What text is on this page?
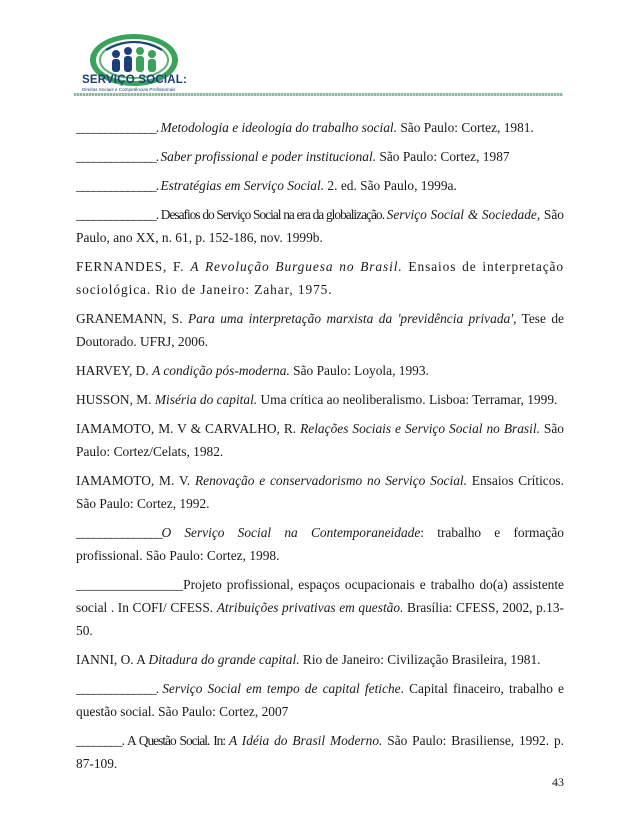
SERVIÇO SOCIAL:
Direitos Sociais e Competências Profissionais

______________. Metodologia e ideologia do trabalho social. São Paulo: Cortez, 1981.

______________. Saber profissional e poder institucional. São Paulo: Cortez, 1987

______________. Estratégias em Serviço Social. 2. ed. São Paulo, 1999a.

______________. Desafios do Serviço Social na era da globalização. Serviço Social & Sociedade, São Paulo, ano XX, n. 61, p. 152-186, nov. 1999b.

FERNANDES, F. A Revolução Burguesa no Brasil. Ensaios de interpretação sociológica. Rio de Janeiro: Zahar, 1975.

GRANEMANN, S. Para uma interpretação marxista da 'previdência privada', Tese de Doutorado. UFRJ, 2006.

HARVEY, D. A condição pós-moderna. São Paulo: Loyola, 1993.

HUSSON, M. Miséria do capital. Uma crítica ao neoliberalismo. Lisboa: Terramar, 1999.

IAMAMOTO, M. V & CARVALHO, R. Relações Sociais e Serviço Social no Brasil. São Paulo: Cortez/Celats, 1982.

IAMAMOTO, M. V. Renovação e conservadorismo no Serviço Social. Ensaios Críticos. São Paulo: Cortez, 1992.

_______________O Serviço Social na Contemporaneidade: trabalho e formação profissional. São Paulo: Cortez, 1998.

________________Projeto profissional, espaços ocupacionais e trabalho do(a) assistente social . In COFI/ CFESS. Atribuições privativas em questão. Brasília: CFESS, 2002, p.13-50.

IANNI, O. A Ditadura do grande capital. Rio de Janeiro: Civilização Brasileira, 1981.

______________. Serviço Social em tempo de capital fetiche. Capital finaceiro, trabalho e questão social. São Paulo: Cortez, 2007

________. A Questão Social. In: A Idéia do Brasil Moderno. São Paulo: Brasiliense, 1992. p. 87-109.

43
